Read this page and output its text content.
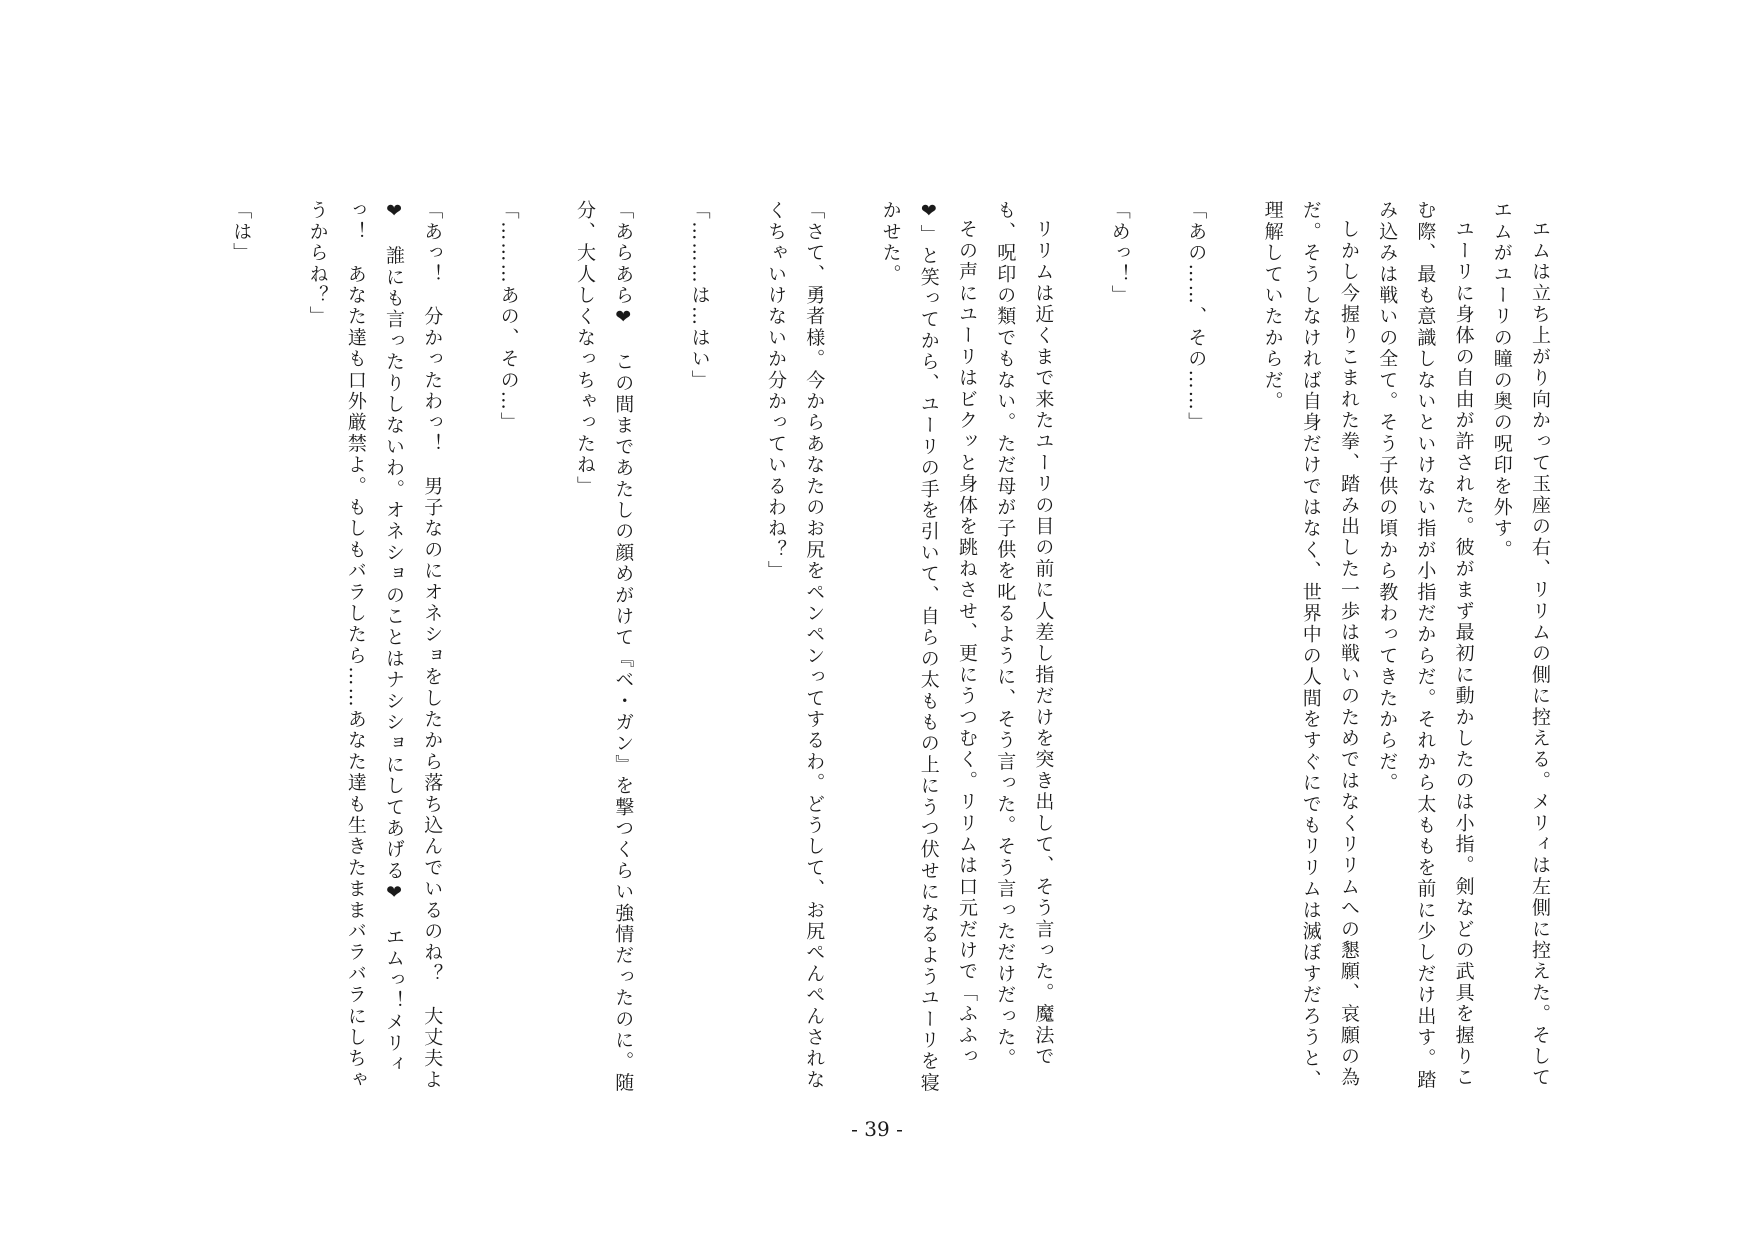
エムは立ち上がり向かって玉座の右、リリムの側に控える。メリィは左側に控えた。そしてエムがユーリの瞳の奥の呪印を外す。

ユーリに身体の自由が許された。彼がまず最初に動かしたのは小指。剣などの武具を握りこむ際、最も意識しないといけない指が小指だからだ。それから太ももを前に少しだけ出す。踏み込みは戦いの全て。そう子供の頃から教わってきたからだ。

しかし今握りこまれた拳、踏み出した一歩は戦いのためではなくリリムへの懇願、哀願の為だ。そうしなければ自身だけではなく、世界中の人間をすぐにでもリリムは滅ぼすだろうと、理解していたからだ。

「あの……、その……」

「めっ！」

リリムは近くまで来たユーリの目の前に人差し指だけを突き出して、そう言った。魔法でも、呪印の類でもない。ただ母が子供を叱るように、そう言った。そう言っただけだった。

その声にユーリはビクッと身体を跳ねさせ、更にうつむく。リリムは口元だけで「ふふっ❤」と笑ってから、ユーリの手を引いて、自らの太ももの上にうつ伏せになるようユーリを寝かせた。

「さて、勇者様。今からあなたのお尻をペンペンってするわ。どうして、お尻ぺんぺんされなくちゃいけないか分かっているわね？」

「………は…はい」

「あらあら❤　この間まであたしの顔めがけて『ベ・ガン』を撃つくらい強情だったのに。随分、大人しくなっちゃったね」

「………あの、その…」

「あっ！　分かったわっ！　男子なのにオネショをしたから落ち込んでいるのね？　大丈夫よ❤　誰にも言ったりしないわ。オネショのことはナシショにしてあげる❤　エムっ！メリィっ！　あなた達も口外厳禁よ。もしもバラしたら……あなた達も生きたままバラバラにしちゃうからね？」

「は」

- 39 -
